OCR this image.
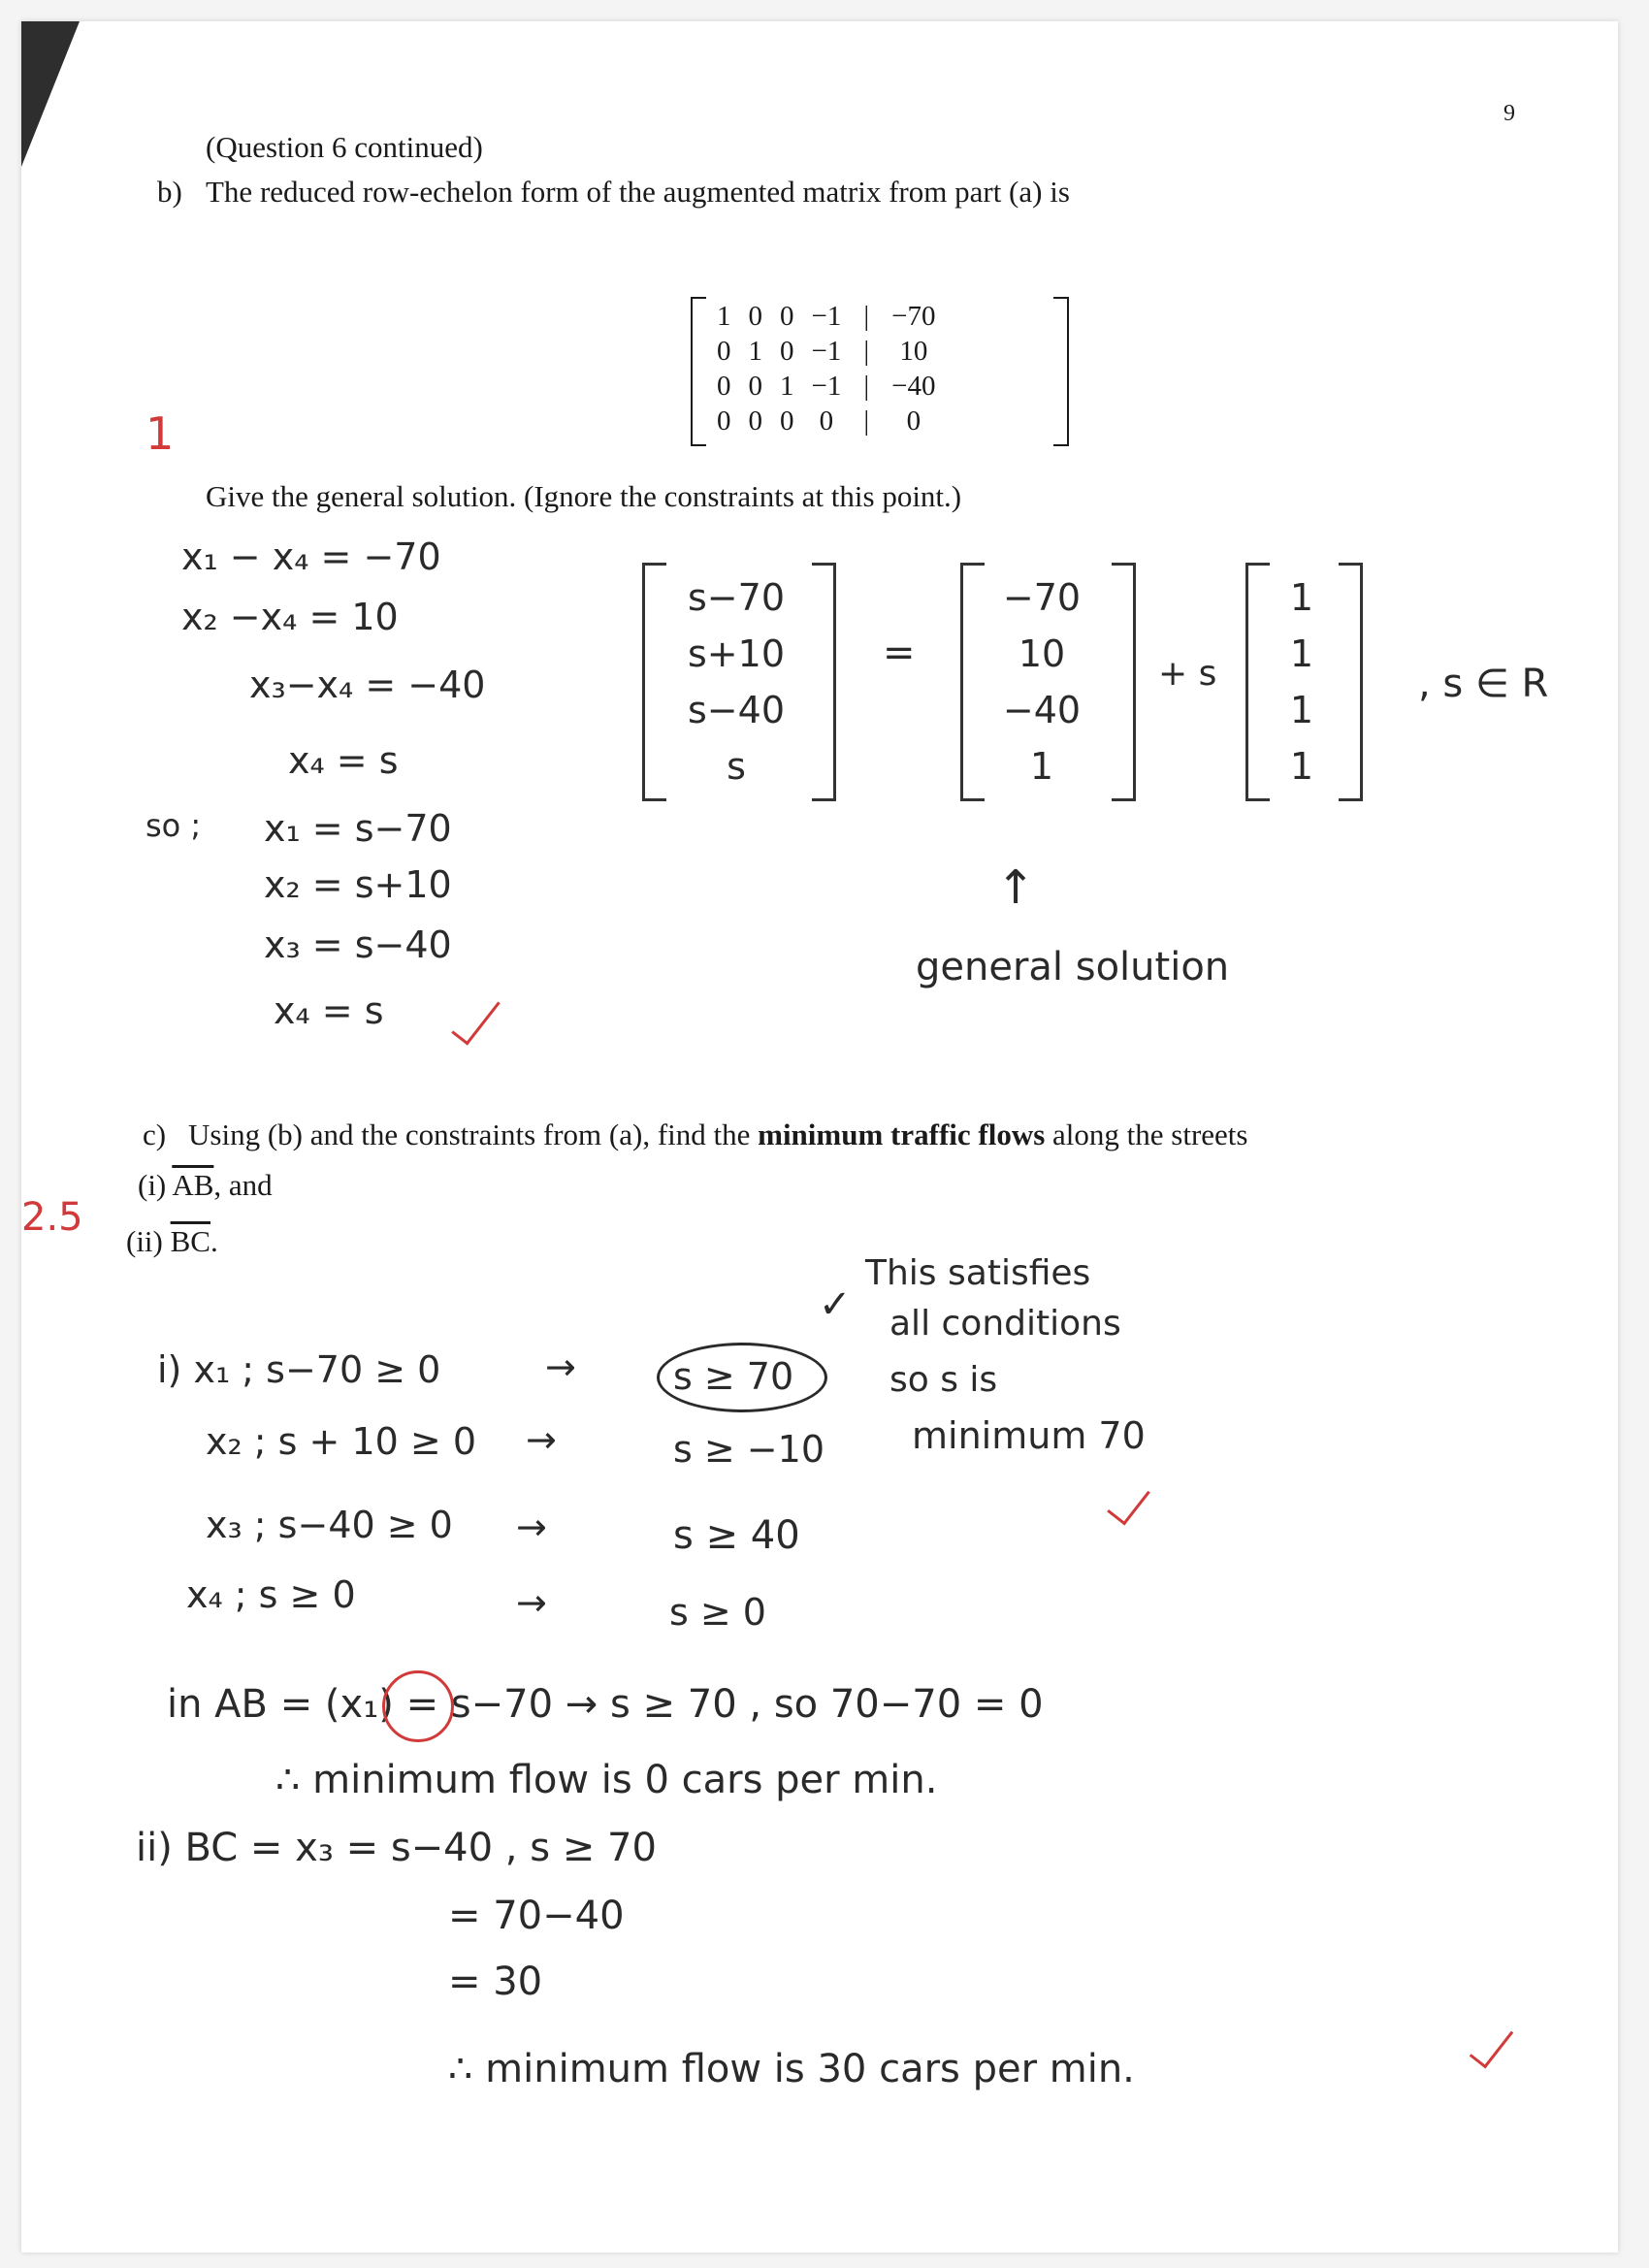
9
(Question 6 continued)
b) The reduced row-echelon form of the augmented matrix from part (a) is
1	0	0	−1	|	−70
0	1	0	−1	|	10
0	0	1	−1	|	−40
0	0	0	0	|	0
1
Give the general solution. (Ignore the constraints at this point.)
x₁ − x₄ = −70
x₂ −x₄ = 10
x₃−x₄ = −40
x₄ = s
so ; x₁ = s−70
x₂ = s+10
x₃ = s−40
x₄ = s
s−70
s+10
s−40
s
=
−70
10
−40
1
+ s
1
1
1
1
, s ∈ R
↑
general solution
c) Using (b) and the constraints from (a), find the minimum traffic flows along the streets
(i) $\overline{AB}$, and
(ii) $\overline{BC}$.
2.5
This satisfies
all conditions
so s is
minimum 70
✓
i) x₁ ; s−70 ≥ 0	→	s ≥ 70
x₂ ; s + 10 ≥ 0 →	s ≥ −10
x₃ ; s−40 ≥ 0 →	s ≥ 40
x₄ ; s ≥ 0	→	s ≥ 0
in AB = (x₁) = s−70 → s ≥ 70 , so 70−70 = 0
∴ minimum flow is 0 cars per min.
ii) BC = x₃ = s−40 , s ≥ 70
= 70−40
= 30
∴ minimum flow is 30 cars per min.
